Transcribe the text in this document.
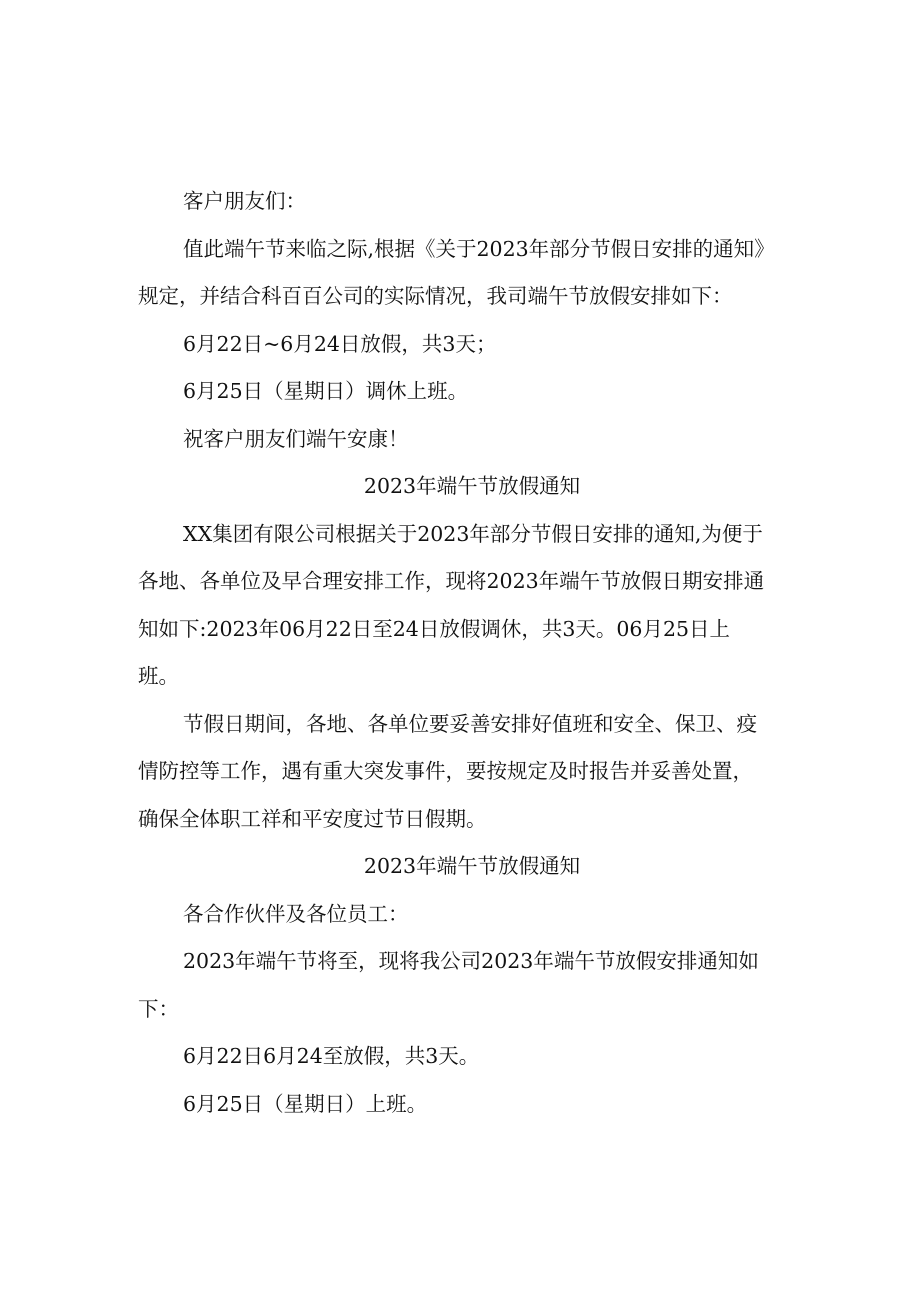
客户朋友们：
值此端午节来临之际,根据《关于2023年部分节假日安排的通知》
规定，并结合科百百公司的实际情况，我司端午节放假安排如下：
6月22日~6月24日放假，共3天；
6月25日（星期日）调休上班。
祝客户朋友们端午安康！
2023年端午节放假通知
XX集团有限公司根据关于2023年部分节假日安排的通知,为便于
各地、各单位及早合理安排工作，现将2023年端午节放假日期安排通
知如下:2023年06月22日至24日放假调休，共3天。06月25日上
班。
节假日期间，各地、各单位要妥善安排好值班和安全、保卫、疫
情防控等工作，遇有重大突发事件，要按规定及时报告并妥善处置，
确保全体职工祥和平安度过节日假期。
2023年端午节放假通知
各合作伙伴及各位员工：
2023年端午节将至，现将我公司2023年端午节放假安排通知如
下：
6月22日6月24至放假，共3天。
6月25日（星期日）上班。
